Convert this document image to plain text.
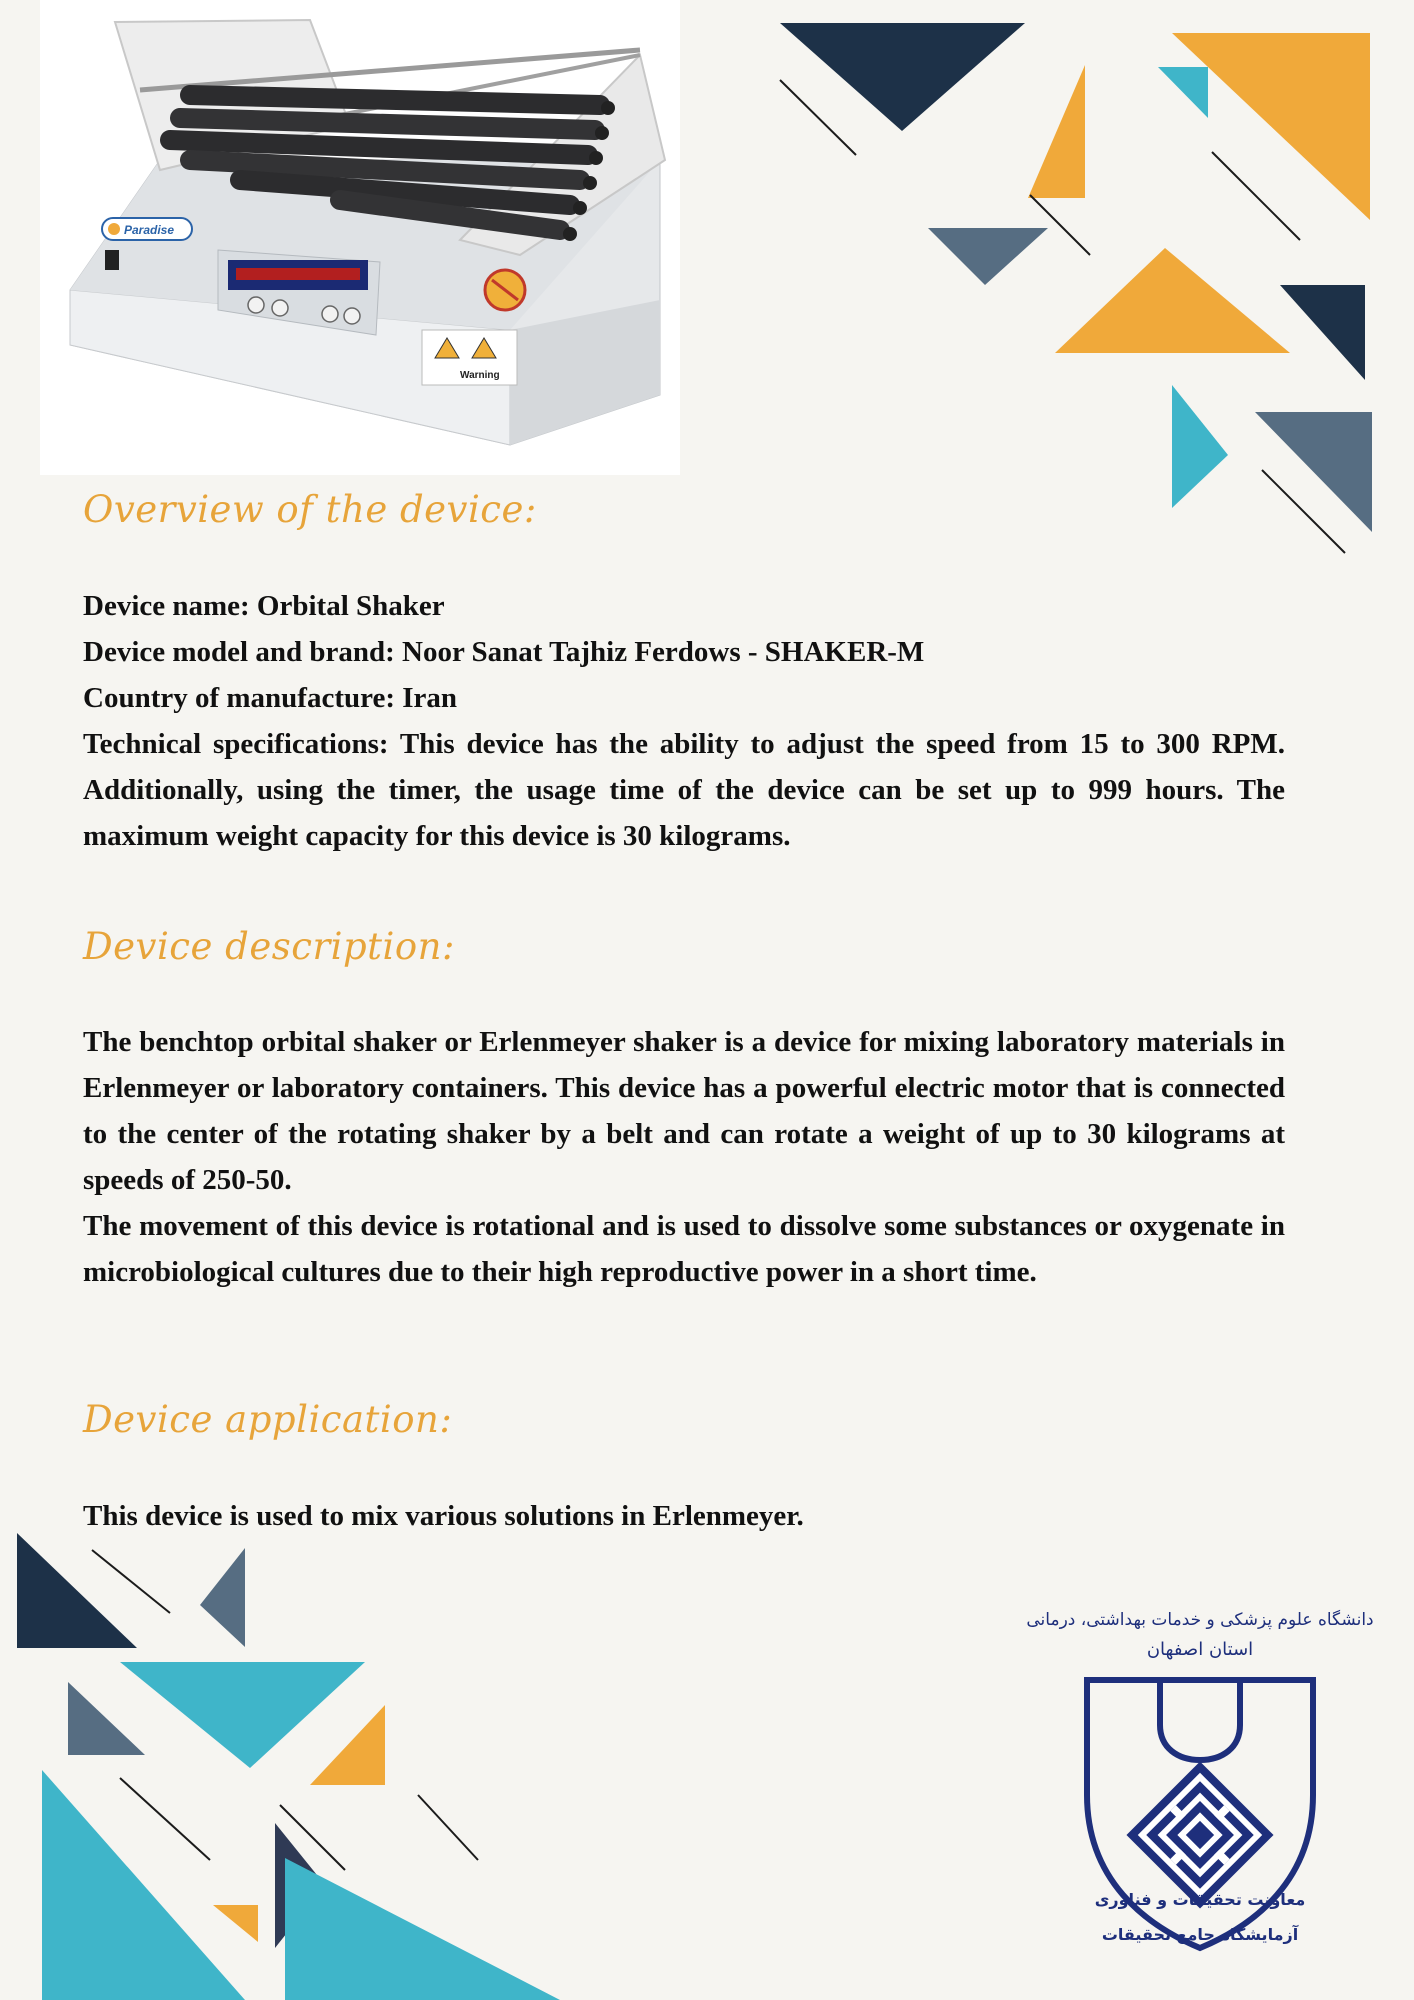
Paradise
Warning
Overview of the device:

Device name: Orbital Shaker

Device model and brand: Noor Sanat Tajhiz Ferdows - SHAKER-M

Country of manufacture: Iran

Technical specifications: This device has the ability to adjust the speed from 15 to 300 RPM. Additionally, using the timer, the usage time of the device can be set up to 999 hours. The maximum weight capacity for this device is 30 kilograms.

Device description:

The benchtop orbital shaker or Erlenmeyer shaker is a device for mixing laboratory materials in Erlenmeyer or laboratory containers. This device has a powerful electric motor that is connected to the center of the rotating shaker by a belt and can rotate a weight of up to 30 kilograms at speeds of 250-50.

The movement of this device is rotational and is used to dissolve some substances or oxygenate in microbiological cultures due to their high reproductive power in a short time.

Device application:

This device is used to mix various solutions in Erlenmeyer.

دانشگاه علوم پزشکی و خدمات بهداشتی، درمانی
استان اصفهان
معاونت تحقیقات و فناوری
آزمایشگاه جامع تحقیقات
